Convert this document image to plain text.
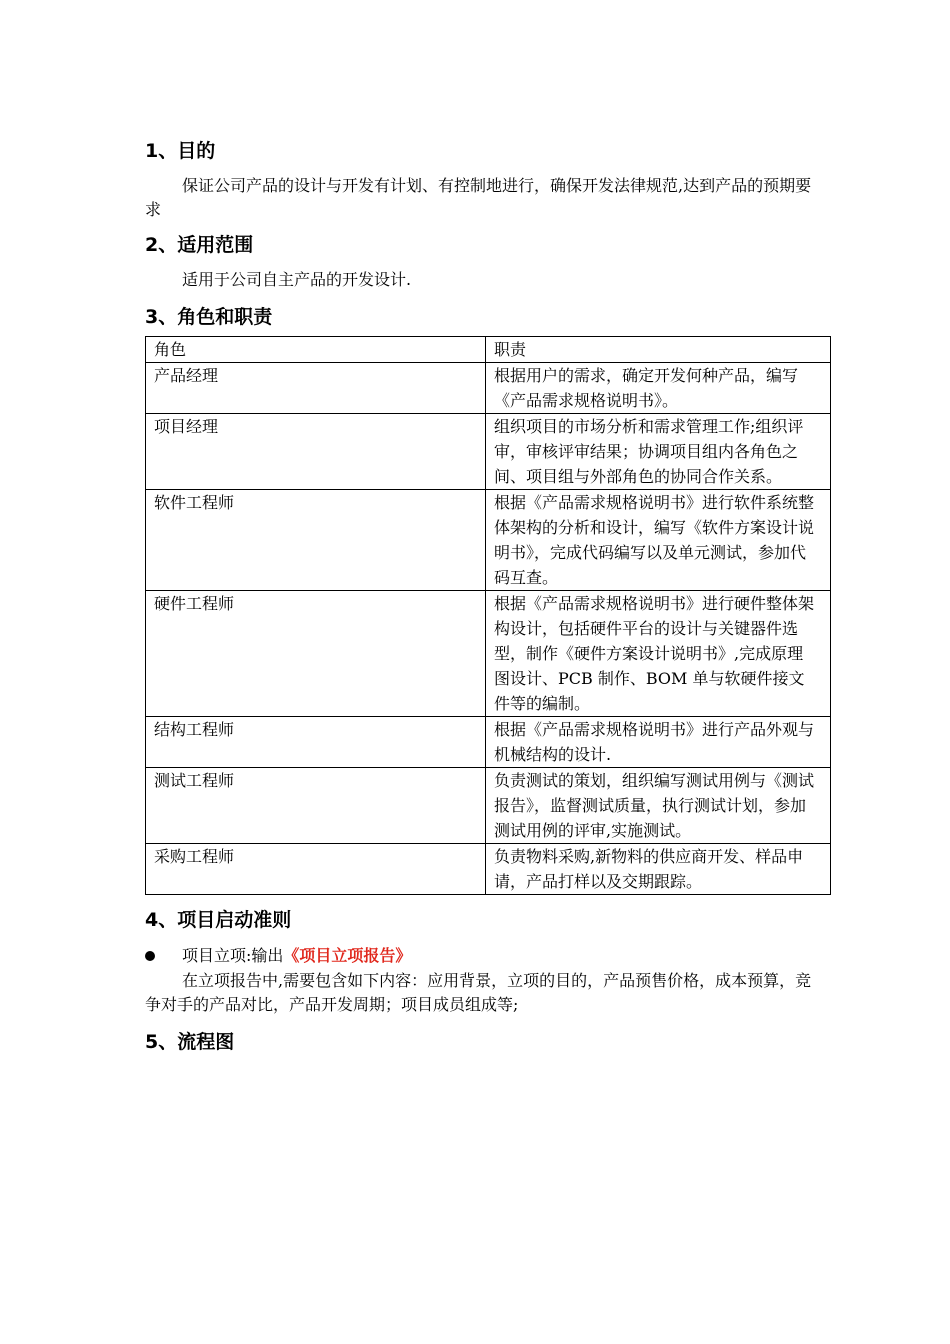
1、目的

保证公司产品的设计与开发有计划、有控制地进行，确保开发法律规范,达到产品的预期要求

2、适用范围

适用于公司自主产品的开发设计.

3、角色和职责
角色	职责
产品经理	根据用户的需求，确定开发何种产品，编写《产品需求规格说明书》。
项目经理	组织项目的市场分析和需求管理工作;组织评审，审核评审结果；协调项目组内各角色之间、项目组与外部角色的协同合作关系。
软件工程师	根据《产品需求规格说明书》进行软件系统整体架构的分析和设计，编写《软件方案设计说明书》，完成代码编写以及单元测试，参加代码互查。
硬件工程师	根据《产品需求规格说明书》进行硬件整体架构设计，包括硬件平台的设计与关键器件选型，制作《硬件方案设计说明书》,完成原理图设计、PCB 制作、BOM 单与软硬件接文件等的编制。
结构工程师	根据《产品需求规格说明书》进行产品外观与机械结构的设计.
测试工程师	负责测试的策划，组织编写测试用例与《测试报告》，监督测试质量，执行测试计划，参加测试用例的评审,实施测试。
采购工程师	负责物料采购,新物料的供应商开发、样品申请，产品打样以及交期跟踪。
4、项目启动准则
项目立项:输出《项目立项报告》

在立项报告中,需要包含如下内容：应用背景，立项的目的，产品预售价格，成本预算，竞争对手的产品对比，产品开发周期；项目成员组成等;

5、流程图
